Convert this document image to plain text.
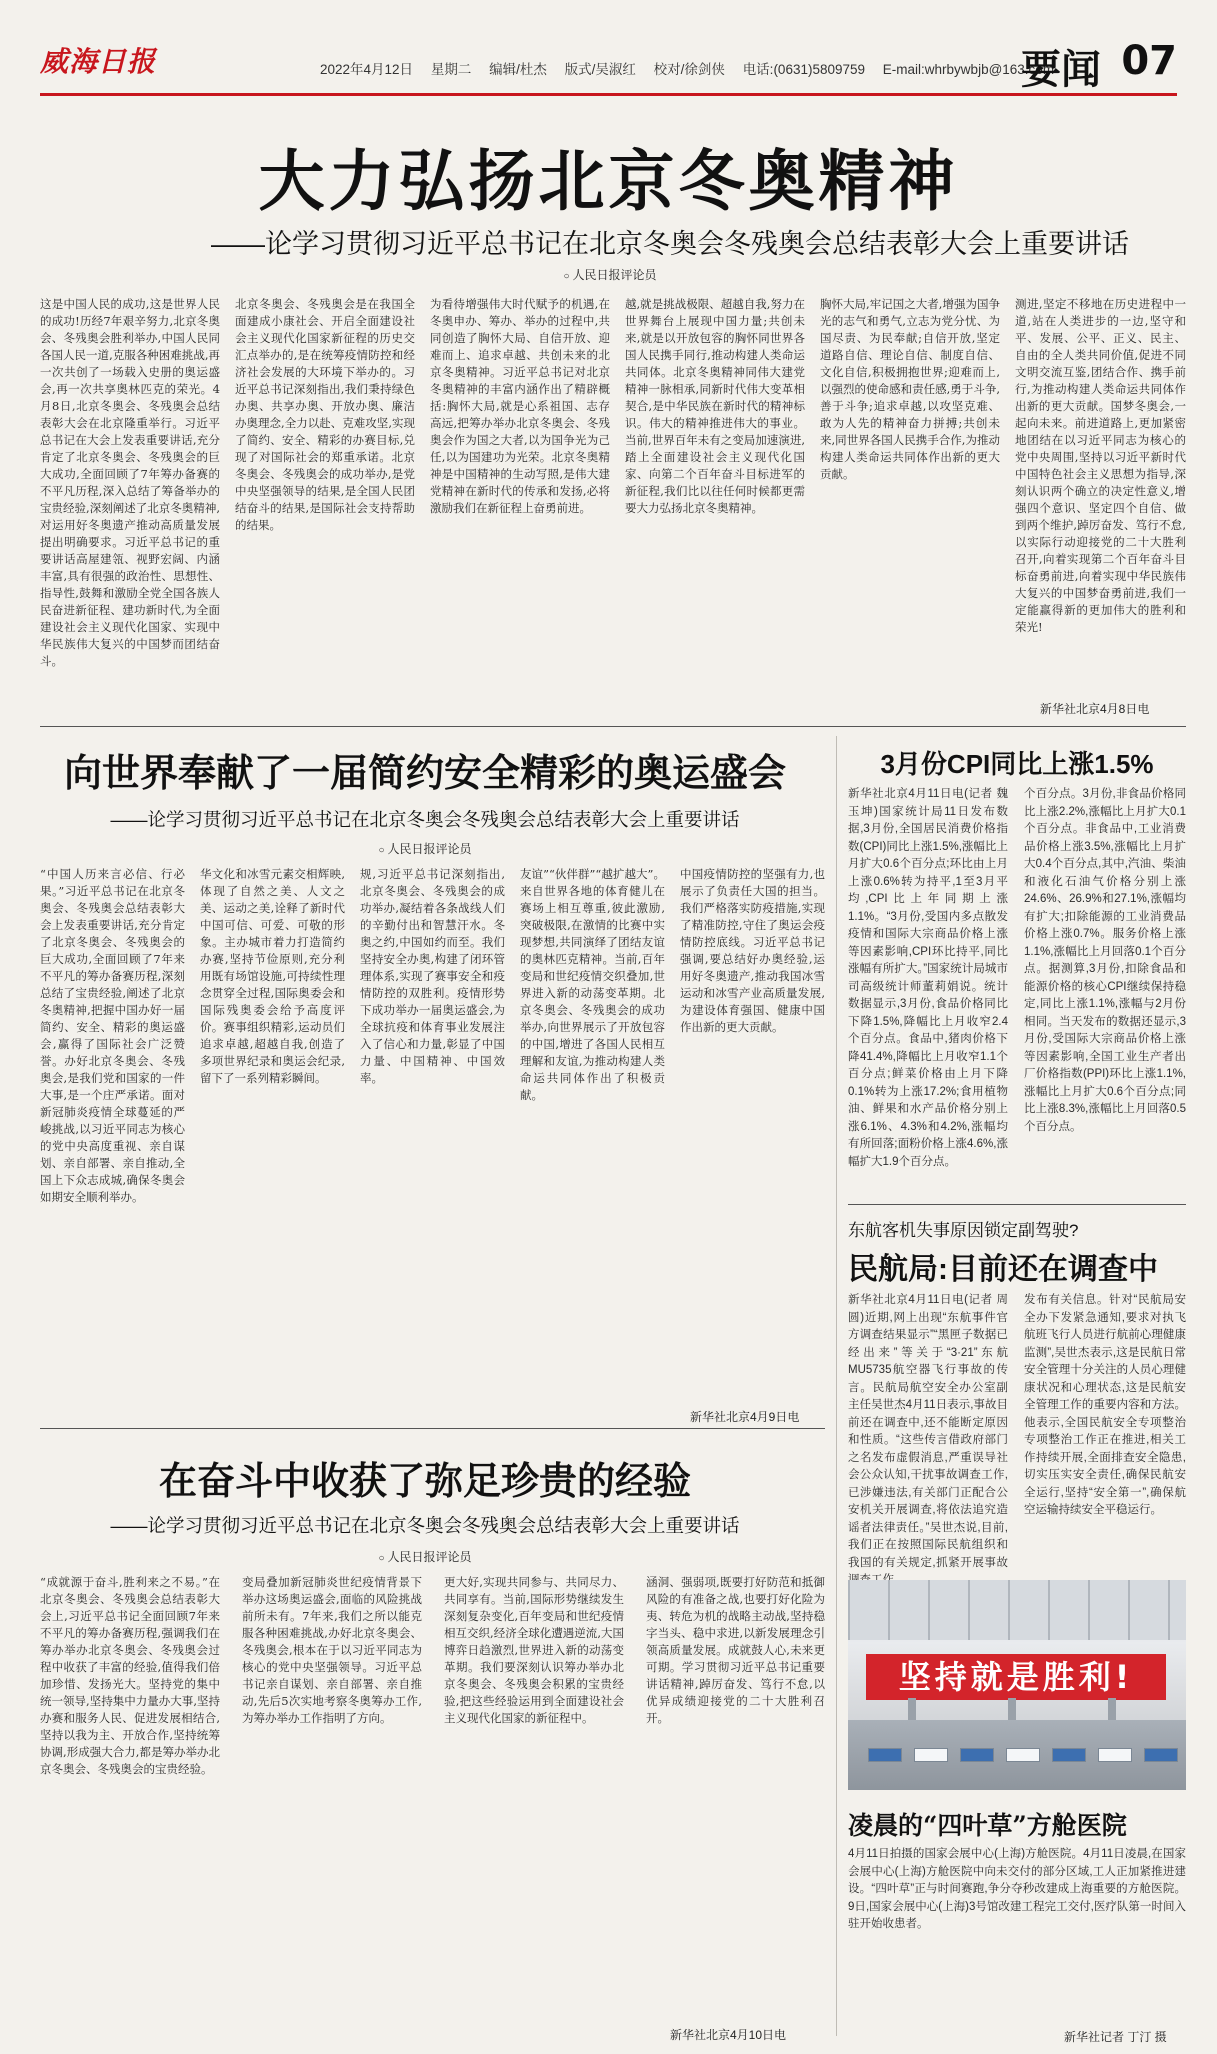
威海日报	2022年4月12日 星期二 编辑/杜杰 版式/吴淑红 校对/徐剑侠 电话:(0631)5809759 E-mail:whrbywbjb@163.com
要闻 07
大力弘扬北京冬奥精神
——论学习贯彻习近平总书记在北京冬奥会冬残奥会总结表彰大会上重要讲话
○ 人民日报评论员
这是中国人民的成功,这是世界人民的成功!历经7年艰辛努力,北京冬奥会、冬残奥会胜利举办,中国人民同各国人民一道,克服各种困难挑战,再一次共创了一场载入史册的奥运盛会,再一次共享奥林匹克的荣光。4月8日,北京冬奥会、冬残奥会总结表彰大会在北京隆重举行。习近平总书记在大会上发表重要讲话,充分肯定了北京冬奥会、冬残奥会的巨大成功,全面回顾了7年筹办备赛的不平凡历程,深入总结了筹备举办的宝贵经验,深刻阐述了北京冬奥精神,对运用好冬奥遗产推动高质量发展提出明确要求。习近平总书记的重要讲话高屋建瓴、视野宏阔、内涵丰富,具有很强的政治性、思想性、指导性,鼓舞和激励全党全国各族人民奋进新征程、建功新时代,为全面建设社会主义现代化国家、实现中华民族伟大复兴的中国梦而团结奋斗。
北京冬奥会、冬残奥会是在我国全面建成小康社会、开启全面建设社会主义现代化国家新征程的历史交汇点举办的,是在统筹疫情防控和经济社会发展的大环境下举办的。习近平总书记深刻指出,我们秉持绿色办奥、共享办奥、开放办奥、廉洁办奥理念,全力以赴、克难攻坚,实现了简约、安全、精彩的办赛目标,兑现了对国际社会的郑重承诺。北京冬奥会、冬残奥会的成功举办,是党中央坚强领导的结果,是全国人民团结奋斗的结果,是国际社会支持帮助的结果。
为看待增强伟大时代赋予的机遇,在冬奥申办、筹办、举办的过程中,共同创造了胸怀大局、自信开放、迎难而上、追求卓越、共创未来的北京冬奥精神。习近平总书记对北京冬奥精神的丰富内涵作出了精辟概括:胸怀大局,就是心系祖国、志存高远,把筹办举办北京冬奥会、冬残奥会作为国之大者,以为国争光为己任,以为国建功为光荣。北京冬奥精神是中国精神的生动写照,是伟大建党精神在新时代的传承和发扬,必将激励我们在新征程上奋勇前进。
越,就是挑战极限、超越自我,努力在世界舞台上展现中国力量;共创未来,就是以开放包容的胸怀同世界各国人民携手同行,推动构建人类命运共同体。北京冬奥精神同伟大建党精神一脉相承,同新时代伟大变革相契合,是中华民族在新时代的精神标识。伟大的精神推进伟大的事业。当前,世界百年未有之变局加速演进,踏上全面建设社会主义现代化国家、向第二个百年奋斗目标进军的新征程,我们比以往任何时候都更需要大力弘扬北京冬奥精神。
胸怀大局,牢记国之大者,增强为国争光的志气和勇气,立志为党分忧、为国尽责、为民奉献;自信开放,坚定道路自信、理论自信、制度自信、文化自信,积极拥抱世界;迎难而上,以强烈的使命感和责任感,勇于斗争,善于斗争;追求卓越,以攻坚克难、敢为人先的精神奋力拼搏;共创未来,同世界各国人民携手合作,为推动构建人类命运共同体作出新的更大贡献。
测进,坚定不移地在历史进程中一道,站在人类进步的一边,坚守和平、发展、公平、正义、民主、自由的全人类共同价值,促进不同文明交流互鉴,团结合作、携手前行,为推动构建人类命运共同体作出新的更大贡献。国梦冬奥会,一起向未来。前进道路上,更加紧密地团结在以习近平同志为核心的党中央周围,坚持以习近平新时代中国特色社会主义思想为指导,深刻认识两个确立的决定性意义,增强四个意识、坚定四个自信、做到两个维护,踔厉奋发、笃行不怠,以实际行动迎接党的二十大胜利召开,向着实现第二个百年奋斗目标奋勇前进,向着实现中华民族伟大复兴的中国梦奋勇前进,我们一定能赢得新的更加伟大的胜利和荣光!
新华社北京4月8日电
向世界奉献了一届简约安全精彩的奥运盛会
——论学习贯彻习近平总书记在北京冬奥会冬残奥会总结表彰大会上重要讲话
○ 人民日报评论员
“中国人历来言必信、行必果。”习近平总书记在北京冬奥会、冬残奥会总结表彰大会上发表重要讲话,充分肯定了北京冬奥会、冬残奥会的巨大成功,全面回顾了7年来不平凡的筹办备赛历程,深刻总结了宝贵经验,阐述了北京冬奥精神,把握中国办好一届简约、安全、精彩的奥运盛会,赢得了国际社会广泛赞誉。办好北京冬奥会、冬残奥会,是我们党和国家的一件大事,是一个庄严承诺。面对新冠肺炎疫情全球蔓延的严峻挑战,以习近平同志为核心的党中央高度重视、亲自谋划、亲自部署、亲自推动,全国上下众志成城,确保冬奥会如期安全顺利举办。
华文化和冰雪元素交相辉映,体现了自然之美、人文之美、运动之美,诠释了新时代中国可信、可爱、可敬的形象。主办城市着力打造简约办赛,坚持节俭原则,充分利用既有场馆设施,可持续性理念贯穿全过程,国际奥委会和国际残奥委会给予高度评价。赛事组织精彩,运动员们追求卓越,超越自我,创造了多项世界纪录和奥运会纪录,留下了一系列精彩瞬间。
规,习近平总书记深刻指出,北京冬奥会、冬残奥会的成功举办,凝结着各条战线人们的辛勤付出和智慧汗水。冬奥之约,中国如约而至。我们坚持安全办奥,构建了闭环管理体系,实现了赛事安全和疫情防控的双胜利。疫情形势下成功举办一届奥运盛会,为全球抗疫和体育事业发展注入了信心和力量,彰显了中国力量、中国精神、中国效率。
友谊”“伙伴群”“越扩越大”。来自世界各地的体育健儿在赛场上相互尊重,彼此激励,突破极限,在激情的比赛中实现梦想,共同演绎了团结友谊的奥林匹克精神。当前,百年变局和世纪疫情交织叠加,世界进入新的动荡变革期。北京冬奥会、冬残奥会的成功举办,向世界展示了开放包容的中国,增进了各国人民相互理解和友谊,为推动构建人类命运共同体作出了积极贡献。
中国疫情防控的坚强有力,也展示了负责任大国的担当。我们严格落实防疫措施,实现了精准防控,守住了奥运会疫情防控底线。习近平总书记强调,要总结好办奥经验,运用好冬奥遗产,推动我国冰雪运动和冰雪产业高质量发展,为建设体育强国、健康中国作出新的更大贡献。
新华社北京4月9日电
在奋斗中收获了弥足珍贵的经验
——论学习贯彻习近平总书记在北京冬奥会冬残奥会总结表彰大会上重要讲话
○ 人民日报评论员
“成就源于奋斗,胜利来之不易。”在北京冬奥会、冬残奥会总结表彰大会上,习近平总书记全面回顾7年来不平凡的筹办备赛历程,强调我们在筹办举办北京冬奥会、冬残奥会过程中收获了丰富的经验,值得我们倍加珍惜、发扬光大。坚持党的集中统一领导,坚持集中力量办大事,坚持办赛和服务人民、促进发展相结合,坚持以我为主、开放合作,坚持统筹协调,形成强大合力,都是筹办举办北京冬奥会、冬残奥会的宝贵经验。
变局叠加新冠肺炎世纪疫情背景下举办这场奥运盛会,面临的风险挑战前所未有。7年来,我们之所以能克服各种困难挑战,办好北京冬奥会、冬残奥会,根本在于以习近平同志为核心的党中央坚强领导。习近平总书记亲自谋划、亲自部署、亲自推动,先后5次实地考察冬奥筹办工作,为筹办举办工作指明了方向。
更大好,实现共同参与、共同尽力、共同享有。当前,国际形势继续发生深刻复杂变化,百年变局和世纪疫情相互交织,经济全球化遭遇逆流,大国博弈日趋激烈,世界进入新的动荡变革期。我们要深刻认识筹办举办北京冬奥会、冬残奥会积累的宝贵经验,把这些经验运用到全面建设社会主义现代化国家的新征程中。
涵洞、强弱项,既要打好防范和抵御风险的有准备之战,也要打好化险为夷、转危为机的战略主动战,坚持稳字当头、稳中求进,以新发展理念引领高质量发展。成就鼓人心,未来更可期。学习贯彻习近平总书记重要讲话精神,踔厉奋发、笃行不怠,以优异成绩迎接党的二十大胜利召开。
新华社北京4月10日电
3月份CPI同比上涨1.5%
新华社北京4月11日电(记者 魏玉坤)国家统计局11日发布数据,3月份,全国居民消费价格指数(CPI)同比上涨1.5%,涨幅比上月扩大0.6个百分点;环比由上月上涨0.6%转为持平,1至3月平均,CPI比上年同期上涨1.1%。“3月份,受国内多点散发疫情和国际大宗商品价格上涨等因素影响,CPI环比持平,同比涨幅有所扩大。”国家统计局城市司高级统计师董莉娟说。统计数据显示,3月份,食品价格同比下降1.5%,降幅比上月收窄2.4个百分点。食品中,猪肉价格下降41.4%,降幅比上月收窄1.1个百分点;鲜菜价格由上月下降0.1%转为上涨17.2%;食用植物油、鲜果和水产品价格分别上涨6.1%、4.3%和4.2%,涨幅均有所回落;面粉价格上涨4.6%,涨幅扩大1.9个百分点。
个百分点。3月份,非食品价格同比上涨2.2%,涨幅比上月扩大0.1个百分点。非食品中,工业消费品价格上涨3.5%,涨幅比上月扩大0.4个百分点,其中,汽油、柴油和液化石油气价格分别上涨24.6%、26.9%和27.1%,涨幅均有扩大;扣除能源的工业消费品价格上涨0.7%。服务价格上涨1.1%,涨幅比上月回落0.1个百分点。据测算,3月份,扣除食品和能源价格的核心CPI继续保持稳定,同比上涨1.1%,涨幅与2月份相同。当天发布的数据还显示,3月份,受国际大宗商品价格上涨等因素影响,全国工业生产者出厂价格指数(PPI)环比上涨1.1%,涨幅比上月扩大0.6个百分点;同比上涨8.3%,涨幅比上月回落0.5个百分点。
东航客机失事原因锁定副驾驶?
民航局:目前还在调查中
新华社北京4月11日电(记者 周圆)近期,网上出现“东航事件官方调查结果显示”“黑匣子数据已经出来”等关于“3·21”东航MU5735航空器飞行事故的传言。民航局航空安全办公室副主任吴世杰4月11日表示,事故目前还在调查中,还不能断定原因和性质。“这些传言借政府部门之名发布虚假消息,严重误导社会公众认知,干扰事故调查工作,已涉嫌违法,有关部门正配合公安机关开展调查,将依法追究造谣者法律责任。”吴世杰说,目前,我们正在按照国际民航组织和我国的有关规定,抓紧开展事故
发布有关信息。针对“民航局安全办下发紧急通知,要求对执飞航班飞行人员进行航前心理健康监测”,吴世杰表示,这是民航日常安全管理十分关注的人员心理健康状况和心理状态,这是民航安全管理工作的重要内容和方法。他表示,全国民航安全专项整治专项整治工作正在推进,相关工作持续开展,全面排查安全隐患,切实压实安全责任,确保民航安全运行,坚持“安全第一”,确保航空运输持续安全平稳运行。
坚持就是胜利!
凌晨的“四叶草”方舱医院
4月11日拍摄的国家会展中心(上海)方舱医院。4月11日凌晨,在国家会展中心(上海)方舱医院中向未交付的部分区域,工人正加紧推进建设。“四叶草”正与时间赛跑,争分夺秒改建成上海重要的方舱医院。9日,国家会展中心(上海)3号馆改建工程完工交付,医疗队第一时间入驻开始收患者。
新华社记者 丁汀 摄
